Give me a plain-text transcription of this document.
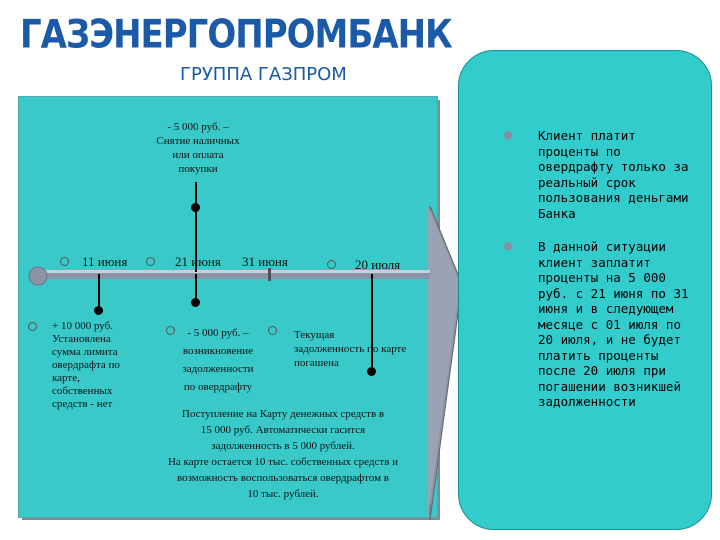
ГАЗЭНЕРГОПРОМБАНК
ГРУППА ГАЗПРОМ
- 5 000 руб. –
Снятие наличных
или оплата
покупки
11 июня	21 июня 31 июня	20 июля
+ 10 000 руб.
Установлена
сумма лимита
овердрафта по
карте,
собственных
средств - нет
- 5 000 руб. –
возникновение
задолженности
по овердрафту
Текущая
задолженность по карте
погашена
Поступление на Карту денежных средств в
15 000 руб. Автоматически гасится
задолженность в 5 000 рублей.
На карте остается 10 тыс. собственных средств и
возможность воспользоваться овердрафтом в
10 тыс. рублей.
● Клиент платит проценты по овердрафту только за реальный срок пользования деньгами Банка
● В данной ситуации клиент заплатит проценты на 5 000 руб. с 21 июня по 31 июня и в следующем месяце с 01 июля по 20 июля, и не будет платить проценты после 20 июля при погашении возникшей задолженности
